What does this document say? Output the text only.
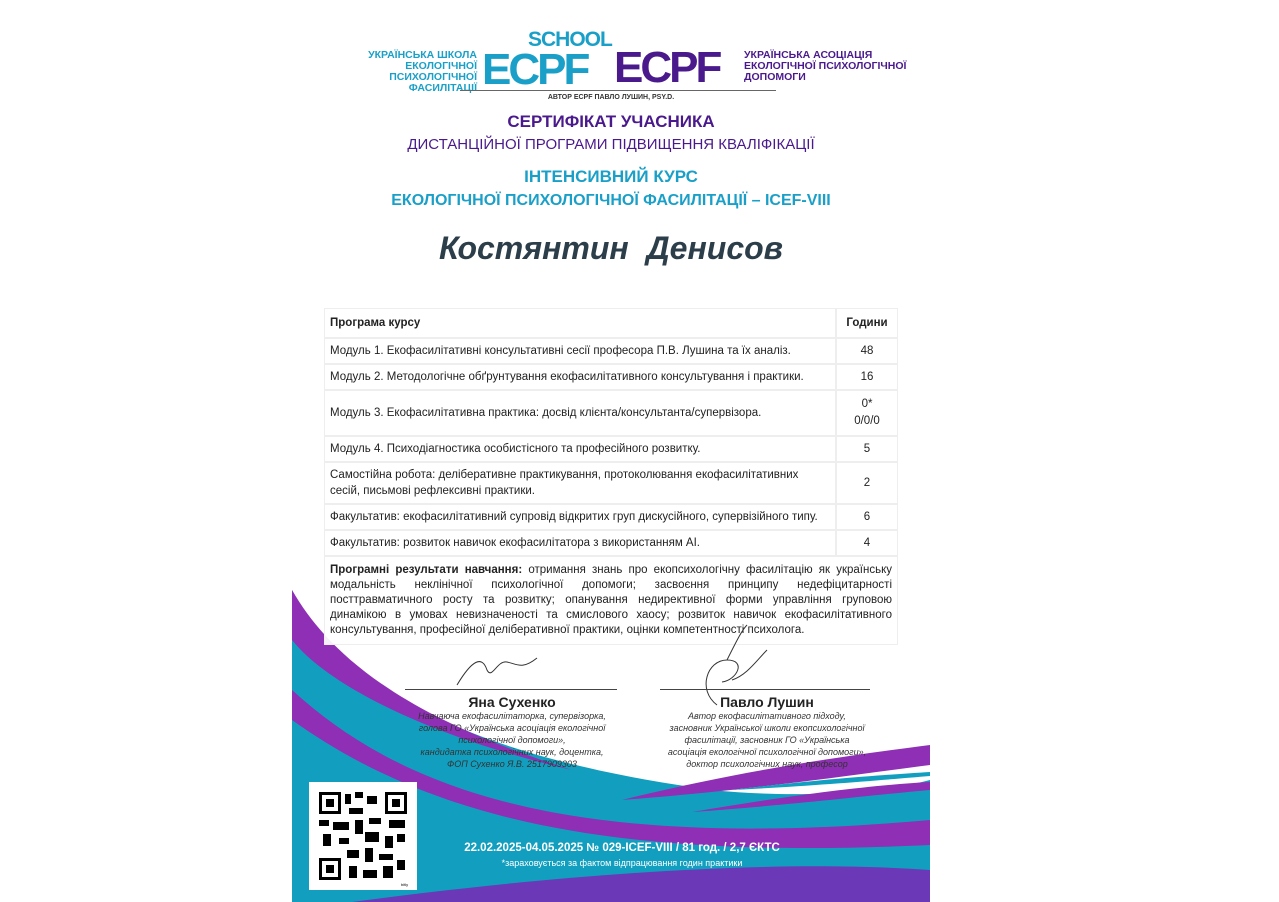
УКРАЇНСЬКА ШКОЛА
ЕКОЛОГІЧНОЇ ПСИХОЛОГІЧНОЇ
ФАСИЛІТАЦІЇ
SCHOOL
ECPF ECPF УКРАЇНСЬКА АСОЦІАЦІЯ
ЕКОЛОГІЧНОЇ ПСИХОЛОГІЧНОЇ
ДОПОМОГИ
АВТОР ECPF ПАВЛО ЛУШИН, PSY.D.
СЕРТИФІКАТ УЧАСНИКА
ДИСТАНЦІЙНОЇ ПРОГРАМИ ПІДВИЩЕННЯ КВАЛІФІКАЦІЇ
ІНТЕНСИВНИЙ КУРС
ЕКОЛОГІЧНОЇ ПСИХОЛОГІЧНОЇ ФАСИЛІТАЦІЇ – ICEF-VIII
Костянтин  Денисов
Програма курсу	Години
Модуль 1. Екофасилітативні консультативні сесії професора П.В. Лушина та їх аналіз.	48
Модуль 2. Методологічне обґрунтування екофасилітативного консультування і практики.	16
Модуль 3. Екофасилітативна практика: досвід клієнта/консультанта/супервізора.	0*
0/0/0

Модуль 4. Психодіагностика особистісного та професійного розвитку.	5
Самостійна робота: деліберативне практикування, протоколювання екофасилітативних сесій, письмові рефлексивні практики.	2
Факультатив: екофасилітативний супровід відкритих груп дискусійного, супервізійного типу.	6
Факультатив: розвиток навичок екофасилітатора з використанням АІ.	4
Програмні результати навчання: отримання знань про екопсихологічну фасилітацію як українську модальність неклінічної психологічної допомоги; засвоєння принципу недефіцитарності посттравматичного росту та розвитку; опанування недирективної форми управління груповою динамікою в умовах невизначеності та смислового хаосу; розвиток навичок екофасилітативного консультування, професійної деліберативної практики, оцінки компетентності психолога.	
Яна Сухенко
Навчаюча екофасилітаторка, супервізорка,
голова ГО «Українська асоціація екологічної
психологічної допомоги»,
кандидатка психологічних наук, доцентка,
ФОП Сухенко Я.В. 2517909303
Павло Лушин
Автор екофасилітативного підходу,
засновник Української школи екопсихологічної
фасилітації, засновник ГО «Українська
асоціація екологічної психологічної допомоги»,
доктор психологічних наук, професор
bitly
22.02.2025-04.05.2025 № 029-ICEF-VIII / 81 год. / 2,7 ЄКТС
*зараховується за фактом відпрацювання годин практики
